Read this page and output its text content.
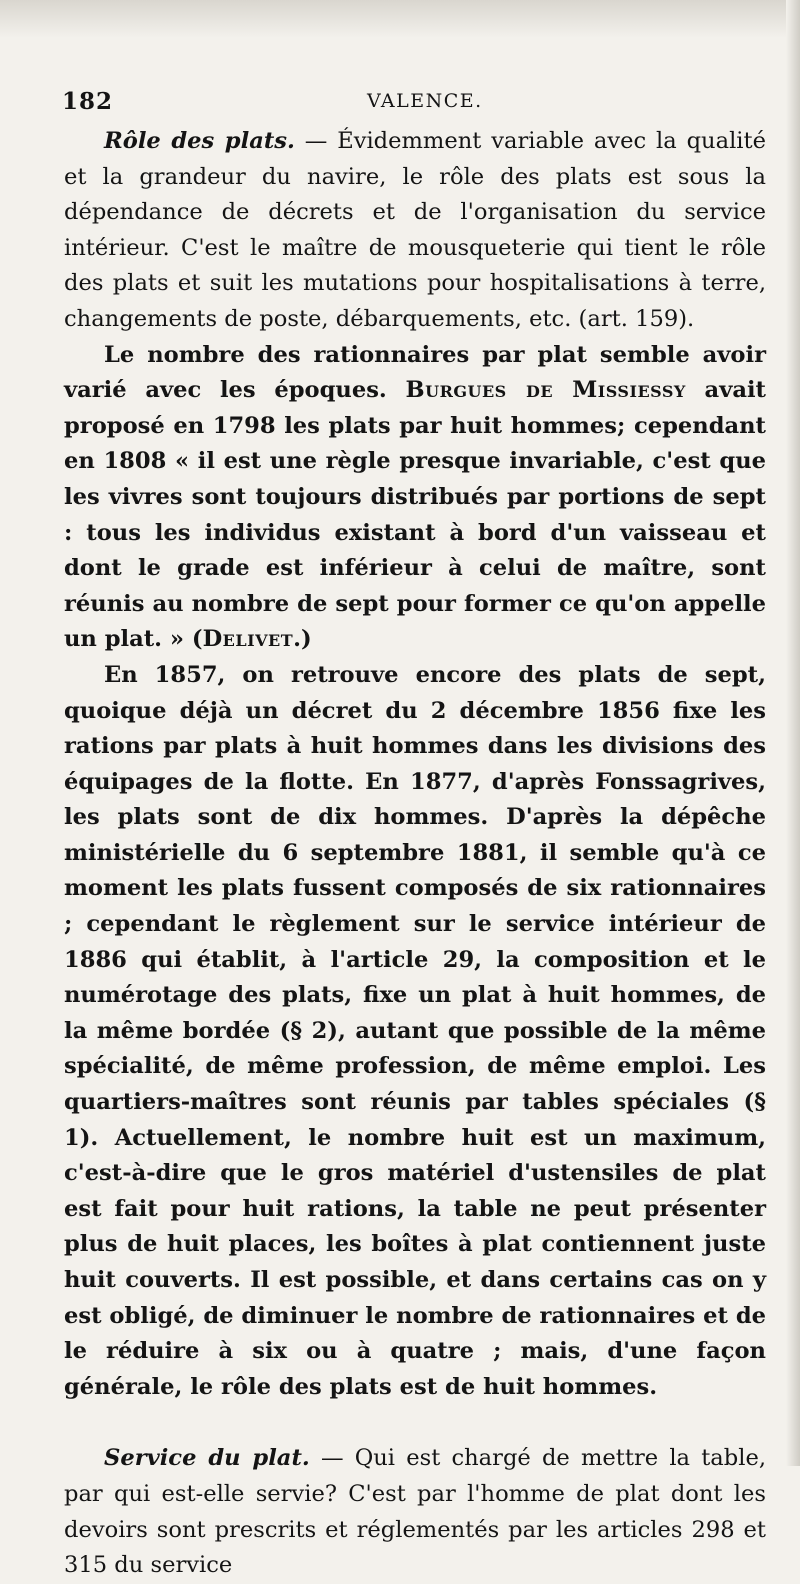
182	VALENCE.

Rôle des plats. — Évidemment variable avec la qualité et la grandeur du navire, le rôle des plats est sous la dépendance de décrets et de l'organisation du service intérieur. C'est le maître de mousqueterie qui tient le rôle des plats et suit les mutations pour hospitalisations à terre, changements de poste, débarquements, etc. (art. 159).

Le nombre des rationnaires par plat semble avoir varié avec les époques. Burgues de Missiessy avait proposé en 1798 les plats par huit hommes; cependant en 1808 « il est une règle presque invariable, c'est que les vivres sont toujours distribués par portions de sept : tous les individus existant à bord d'un vaisseau et dont le grade est inférieur à celui de maître, sont réunis au nombre de sept pour former ce qu'on appelle un plat. » (Delivet.)

En 1857, on retrouve encore des plats de sept, quoique déjà un décret du 2 décembre 1856 fixe les rations par plats à huit hommes dans les divisions des équipages de la flotte. En 1877, d'après Fonssagrives, les plats sont de dix hommes. D'après la dépêche ministérielle du 6 septembre 1881, il semble qu'à ce moment les plats fussent composés de six rationnaires ; cependant le règlement sur le service intérieur de 1886 qui établit, à l'article 29, la composition et le numérotage des plats, fixe un plat à huit hommes, de la même bordée (§ 2), autant que possible de la même spécialité, de même profession, de même emploi. Les quartiers-maîtres sont réunis par tables spéciales (§ 1). Actuellement, le nombre huit est un maximum, c'est-à-dire que le gros matériel d'ustensiles de plat est fait pour huit rations, la table ne peut présenter plus de huit places, les boîtes à plat contiennent juste huit couverts. Il est possible, et dans certains cas on y est obligé, de diminuer le nombre de rationnaires et de le réduire à six ou à quatre ; mais, d'une façon générale, le rôle des plats est de huit hommes.

Service du plat. — Qui est chargé de mettre la table, par qui est-elle servie? C'est par l'homme de plat dont les devoirs sont prescrits et réglementés par les articles 298 et 315 du service
